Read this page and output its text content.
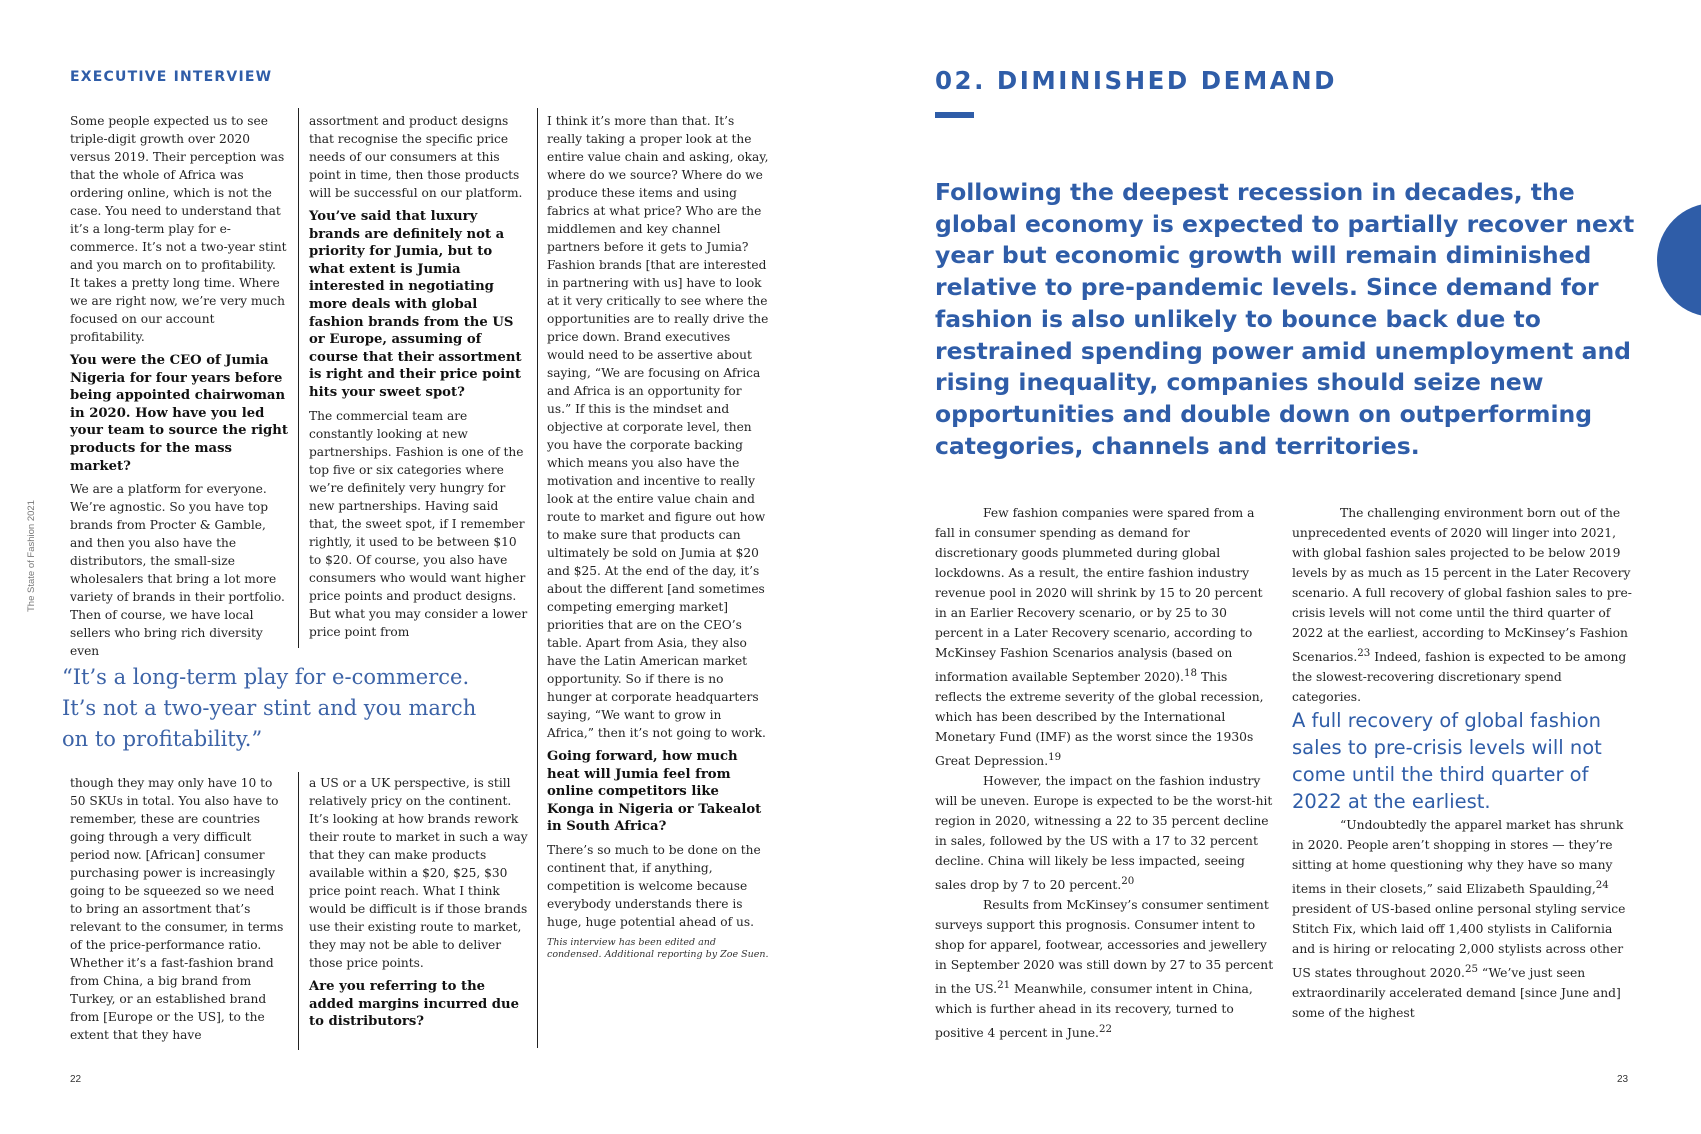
EXECUTIVE INTERVIEW
The State of Fashion 2021

Some people expected us to see triple-digit growth over 2020 versus 2019. Their perception was that the whole of Africa was ordering online, which is not the case. You need to understand that it’s a long-term play for e-commerce. It’s not a two-year stint and you march on to profitability. It takes a pretty long time. Where we are right now, we’re very much focused on our account profitability.

You were the CEO of Jumia Nigeria for four years before being appointed chairwoman in 2020. How have you led your team to source the right products for the mass market?

We are a platform for everyone. We’re agnostic. So you have top brands from Procter & Gamble, and then you also have the distributors, the small-size wholesalers that bring a lot more variety of brands in their portfolio. Then of course, we have local sellers who bring rich diversity even

assortment and product designs that recognise the specific price needs of our consumers at this point in time, then those products will be successful on our platform.

You’ve said that luxury brands are definitely not a priority for Jumia, but to what extent is Jumia interested in negotiating more deals with global fashion brands from the US or Europe, assuming of course that their assortment is right and their price point hits your sweet spot?

The commercial team are constantly looking at new partnerships. Fashion is one of the top five or six categories where we’re definitely very hungry for new partnerships. Having said that, the sweet spot, if I remember rightly, it used to be between $10 to $20. Of course, you also have consumers who would want higher price points and product designs. But what you may consider a lower price point from

“It’s a long-term play for e-commerce. It’s not a two-year stint and you march on to profitability.”

though they may only have 10 to 50 SKUs in total. You also have to remember, these are countries going through a very difficult period now. [African] consumer purchasing power is increasingly going to be squeezed so we need to bring an assortment that’s relevant to the consumer, in terms of the price-performance ratio. Whether it’s a fast-fashion brand from China, a big brand from Turkey, or an established brand from [Europe or the US], to the extent that they have

a US or a UK perspective, is still relatively pricy on the continent. It’s looking at how brands rework their route to market in such a way that they can make products available within a $20, $25, $30 price point reach. What I think would be difficult is if those brands use their existing route to market, they may not be able to deliver those price points.

Are you referring to the added margins incurred due to distributors?

I think it’s more than that. It’s really taking a proper look at the entire value chain and asking, okay, where do we source? Where do we produce these items and using fabrics at what price? Who are the middlemen and key channel partners before it gets to Jumia? Fashion brands [that are interested in partnering with us] have to look at it very critically to see where the opportunities are to really drive the price down. Brand executives would need to be assertive about saying, “We are focusing on Africa and Africa is an opportunity for us.” If this is the mindset and objective at corporate level, then you have the corporate backing which means you also have the motivation and incentive to really look at the entire value chain and route to market and figure out how to make sure that products can ultimately be sold on Jumia at $20 and $25. At the end of the day, it’s about the different [and sometimes competing emerging market] priorities that are on the CEO’s table. Apart from Asia, they also have the Latin American market opportunity. So if there is no hunger at corporate headquarters saying, “We want to grow in Africa,” then it’s not going to work.

Going forward, how much heat will Jumia feel from online competitors like Konga in Nigeria or Takealot in South Africa?

There’s so much to be done on the continent that, if anything, competition is welcome because everybody understands there is huge, huge potential ahead of us.

This interview has been edited and condensed. Additional reporting by Zoe Suen.

22
02. DIMINISHED DEMAND
Following the deepest recession in decades, the global economy is expected to partially recover next year but economic growth will remain diminished relative to pre-pandemic levels. Since demand for fashion is also unlikely to bounce back due to restrained spending power amid unemployment and rising inequality, companies should seize new opportunities and double down on outperforming categories, channels and territories.

Few fashion companies were spared from a fall in consumer spending as demand for discretionary goods plummeted during global lockdowns. As a result, the entire fashion industry revenue pool in 2020 will shrink by 15 to 20 percent in an Earlier Recovery scenario, or by 25 to 30 percent in a Later Recovery scenario, according to McKinsey Fashion Scenarios analysis (based on information available September 2020).$^{18}$ This reflects the extreme severity of the global recession, which has been described by the International Monetary Fund (IMF) as the worst since the 1930s Great Depression.$^{19}$

However, the impact on the fashion industry will be uneven. Europe is expected to be the worst-hit region in 2020, witnessing a 22 to 35 percent decline in sales, followed by the US with a 17 to 32 percent decline. China will likely be less impacted, seeing sales drop by 7 to 20 percent.$^{20}$

Results from McKinsey’s consumer sentiment surveys support this prognosis. Consumer intent to shop for apparel, footwear, accessories and jewellery in September 2020 was still down by 27 to 35 percent in the US.$^{21}$ Meanwhile, consumer intent in China, which is further ahead in its recovery, turned to positive 4 percent in June.$^{22}$

The challenging environment born out of the unprecedented events of 2020 will linger into 2021, with global fashion sales projected to be below 2019 levels by as much as 15 percent in the Later Recovery scenario. A full recovery of global fashion sales to pre-crisis levels will not come until the third quarter of 2022 at the earliest, according to McKinsey’s Fashion Scenarios.$^{23}$ Indeed, fashion is expected to be among the slowest-recovering discretionary spend categories.

A full recovery of global fashion sales to pre-crisis levels will not come until the third quarter of 2022 at the earliest.

“Undoubtedly the apparel market has shrunk in 2020. People aren’t shopping in stores — they’re sitting at home questioning why they have so many items in their closets,” said Elizabeth Spaulding,$^{24}$ president of US-based online personal styling service Stitch Fix, which laid off 1,400 stylists in California and is hiring or relocating 2,000 stylists across other US states throughout 2020.25 “We’ve just seen extraordinarily accelerated demand [since June and] some of the highest

23
